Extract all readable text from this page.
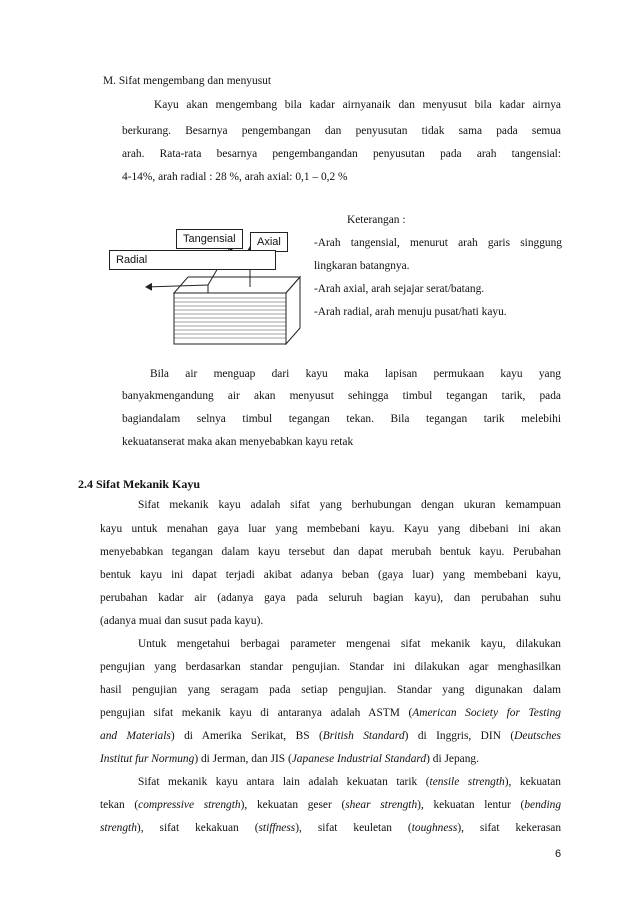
M. Sifat mengembang dan menyusut
Kayu akan mengembang bila kadar airnyanaik dan menyusut bila kadar airnya
berkurang. Besarnya pengembangan dan penyusutan tidak sama pada semua
arah. Rata-rata besarnya pengembangandan penyusutan pada arah tangensial:
4-14%, arah radial : 28 %, arah axial: 0,1 – 0,2 %
Tangensial	Axial
Radial
Keterangan :
-Arah tangensial, menurut arah garis singgung
lingkaran batangnya.
-Arah axial, arah sejajar serat/batang.
-Arah radial, arah menuju pusat/hati kayu.
Bila air menguap dari kayu maka lapisan permukaan kayu yang
banyakmengandung air akan menyusut sehingga timbul tegangan tarik, pada
bagiandalam selnya timbul tegangan tekan. Bila tegangan tarik melebihi
kekuatanserat maka akan menyebabkan kayu retak
2.4 Sifat Mekanik Kayu
Sifat mekanik kayu adalah sifat yang berhubungan dengan ukuran kemampuan
kayu untuk menahan gaya luar yang membebani kayu. Kayu yang dibebani ini akan
menyebabkan tegangan dalam kayu tersebut dan dapat merubah bentuk kayu. Perubahan
bentuk kayu ini dapat terjadi akibat adanya beban (gaya luar) yang membebani kayu,
perubahan kadar air (adanya gaya pada seluruh bagian kayu), dan perubahan suhu
(adanya muai dan susut pada kayu).
Untuk mengetahui berbagai parameter mengenai sifat mekanik kayu, dilakukan
pengujian yang berdasarkan standar pengujian. Standar ini dilakukan agar menghasilkan
hasil pengujian yang seragam pada setiap pengujian. Standar yang digunakan dalam
pengujian sifat mekanik kayu di antaranya adalah ASTM (American Society for Testing
and Materials) di Amerika Serikat, BS (British Standard) di Inggris, DIN (Deutsches
Institut fur Normung) di Jerman, dan JIS (Japanese Industrial Standard) di Jepang.
Sifat mekanik kayu antara lain adalah kekuatan tarik (tensile strength), kekuatan
tekan (compressive strength), kekuatan geser (shear strength), kekuatan lentur (bending
strength), sifat kekakuan (stiffness), sifat keuletan (toughness), sifat kekerasan
6
